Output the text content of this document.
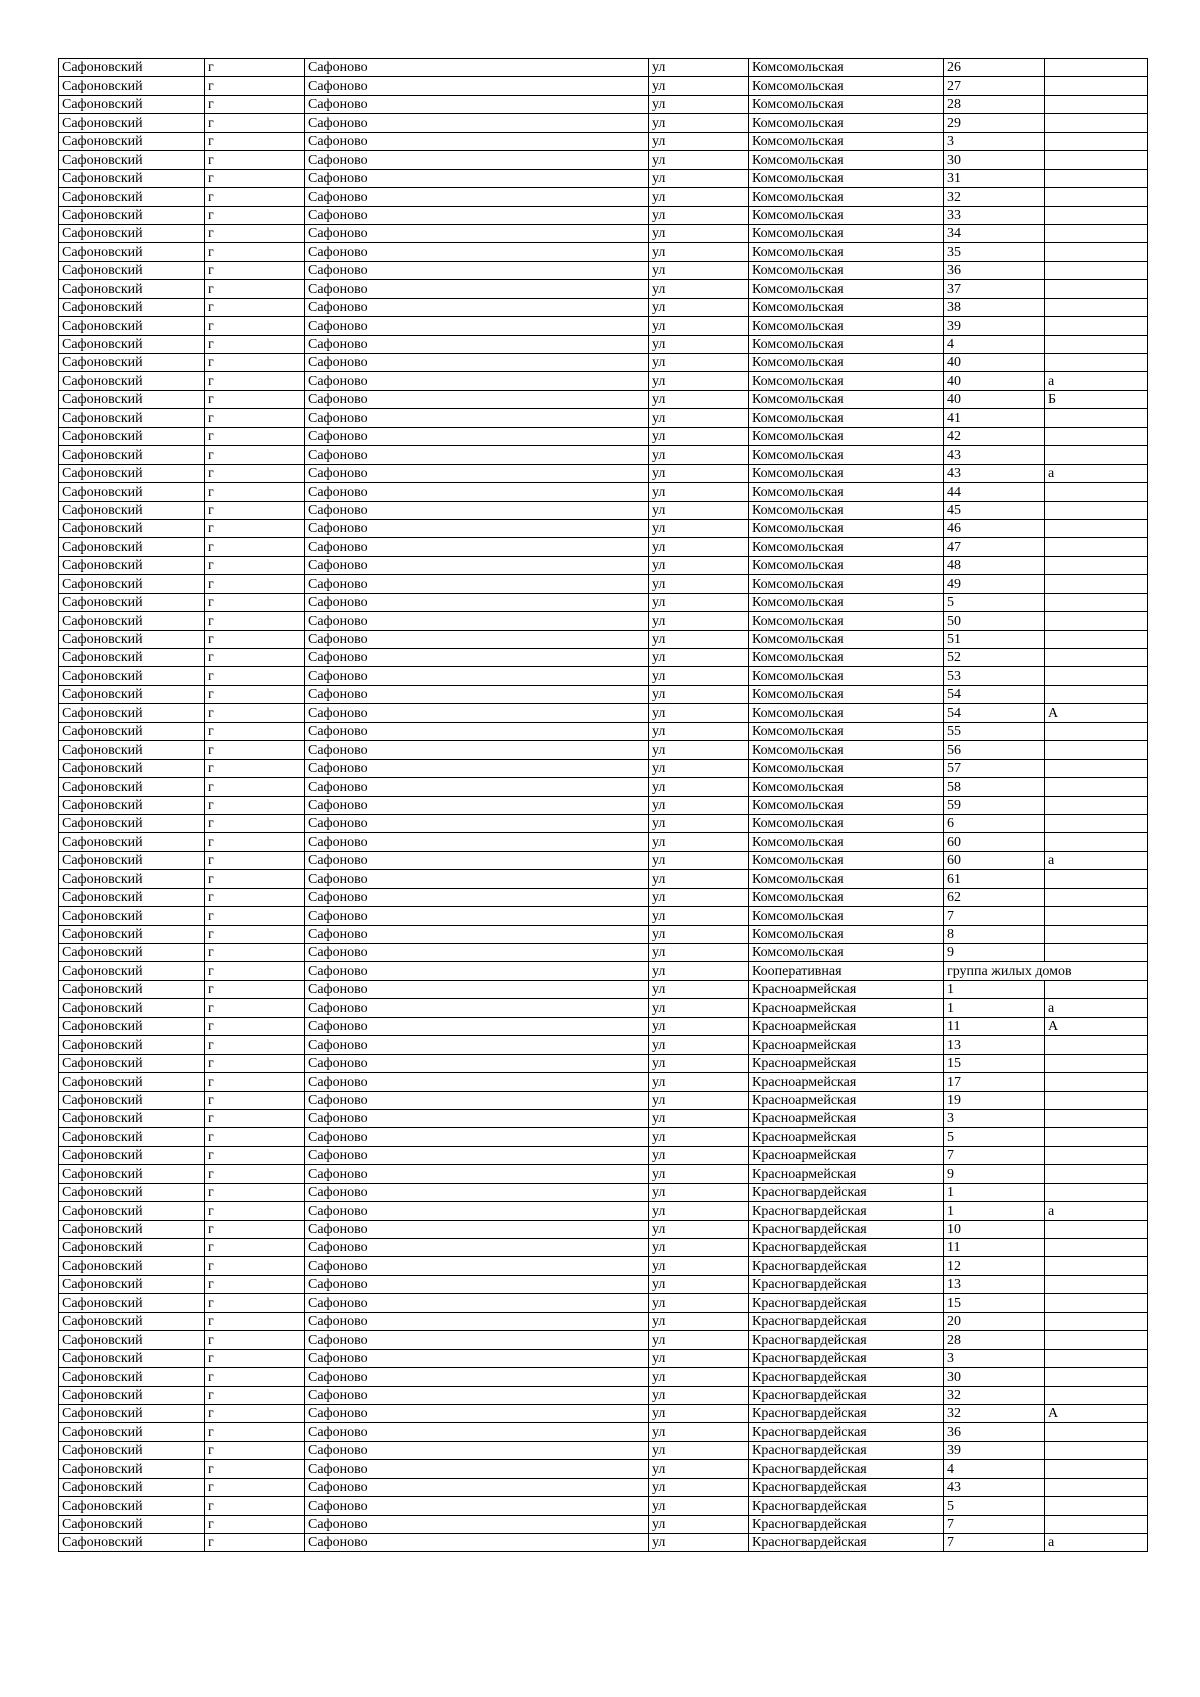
Сафоновский	г	Сафоново	ул	Комсомольская	26	
Сафоновский	г	Сафоново	ул	Комсомольская	27	
Сафоновский	г	Сафоново	ул	Комсомольская	28	
Сафоновский	г	Сафоново	ул	Комсомольская	29	
Сафоновский	г	Сафоново	ул	Комсомольская	3	
Сафоновский	г	Сафоново	ул	Комсомольская	30	
Сафоновский	г	Сафоново	ул	Комсомольская	31	
Сафоновский	г	Сафоново	ул	Комсомольская	32	
Сафоновский	г	Сафоново	ул	Комсомольская	33	
Сафоновский	г	Сафоново	ул	Комсомольская	34	
Сафоновский	г	Сафоново	ул	Комсомольская	35	
Сафоновский	г	Сафоново	ул	Комсомольская	36	
Сафоновский	г	Сафоново	ул	Комсомольская	37	
Сафоновский	г	Сафоново	ул	Комсомольская	38	
Сафоновский	г	Сафоново	ул	Комсомольская	39	
Сафоновский	г	Сафоново	ул	Комсомольская	4	
Сафоновский	г	Сафоново	ул	Комсомольская	40	
Сафоновский	г	Сафоново	ул	Комсомольская	40	а
Сафоновский	г	Сафоново	ул	Комсомольская	40	Б
Сафоновский	г	Сафоново	ул	Комсомольская	41	
Сафоновский	г	Сафоново	ул	Комсомольская	42	
Сафоновский	г	Сафоново	ул	Комсомольская	43	
Сафоновский	г	Сафоново	ул	Комсомольская	43	а
Сафоновский	г	Сафоново	ул	Комсомольская	44	
Сафоновский	г	Сафоново	ул	Комсомольская	45	
Сафоновский	г	Сафоново	ул	Комсомольская	46	
Сафоновский	г	Сафоново	ул	Комсомольская	47	
Сафоновский	г	Сафоново	ул	Комсомольская	48	
Сафоновский	г	Сафоново	ул	Комсомольская	49	
Сафоновский	г	Сафоново	ул	Комсомольская	5	
Сафоновский	г	Сафоново	ул	Комсомольская	50	
Сафоновский	г	Сафоново	ул	Комсомольская	51	
Сафоновский	г	Сафоново	ул	Комсомольская	52	
Сафоновский	г	Сафоново	ул	Комсомольская	53	
Сафоновский	г	Сафоново	ул	Комсомольская	54	
Сафоновский	г	Сафоново	ул	Комсомольская	54	А
Сафоновский	г	Сафоново	ул	Комсомольская	55	
Сафоновский	г	Сафоново	ул	Комсомольская	56	
Сафоновский	г	Сафоново	ул	Комсомольская	57	
Сафоновский	г	Сафоново	ул	Комсомольская	58	
Сафоновский	г	Сафоново	ул	Комсомольская	59	
Сафоновский	г	Сафоново	ул	Комсомольская	6	
Сафоновский	г	Сафоново	ул	Комсомольская	60	
Сафоновский	г	Сафоново	ул	Комсомольская	60	а
Сафоновский	г	Сафоново	ул	Комсомольская	61	
Сафоновский	г	Сафоново	ул	Комсомольская	62	
Сафоновский	г	Сафоново	ул	Комсомольская	7	
Сафоновский	г	Сафоново	ул	Комсомольская	8	
Сафоновский	г	Сафоново	ул	Комсомольская	9	
Сафоновский	г	Сафоново	ул	Кооперативная	группа жилых домов	
Сафоновский	г	Сафоново	ул	Красноармейская	1	
Сафоновский	г	Сафоново	ул	Красноармейская	1	а
Сафоновский	г	Сафоново	ул	Красноармейская	11	А
Сафоновский	г	Сафоново	ул	Красноармейская	13	
Сафоновский	г	Сафоново	ул	Красноармейская	15	
Сафоновский	г	Сафоново	ул	Красноармейская	17	
Сафоновский	г	Сафоново	ул	Красноармейская	19	
Сафоновский	г	Сафоново	ул	Красноармейская	3	
Сафоновский	г	Сафоново	ул	Красноармейская	5	
Сафоновский	г	Сафоново	ул	Красноармейская	7	
Сафоновский	г	Сафоново	ул	Красноармейская	9	
Сафоновский	г	Сафоново	ул	Красногвардейская	1	
Сафоновский	г	Сафоново	ул	Красногвардейская	1	а
Сафоновский	г	Сафоново	ул	Красногвардейская	10	
Сафоновский	г	Сафоново	ул	Красногвардейская	11	
Сафоновский	г	Сафоново	ул	Красногвардейская	12	
Сафоновский	г	Сафоново	ул	Красногвардейская	13	
Сафоновский	г	Сафоново	ул	Красногвардейская	15	
Сафоновский	г	Сафоново	ул	Красногвардейская	20	
Сафоновский	г	Сафоново	ул	Красногвардейская	28	
Сафоновский	г	Сафоново	ул	Красногвардейская	3	
Сафоновский	г	Сафоново	ул	Красногвардейская	30	
Сафоновский	г	Сафоново	ул	Красногвардейская	32	
Сафоновский	г	Сафоново	ул	Красногвардейская	32	А
Сафоновский	г	Сафоново	ул	Красногвардейская	36	
Сафоновский	г	Сафоново	ул	Красногвардейская	39	
Сафоновский	г	Сафоново	ул	Красногвардейская	4	
Сафоновский	г	Сафоново	ул	Красногвардейская	43	
Сафоновский	г	Сафоново	ул	Красногвардейская	5	
Сафоновский	г	Сафоново	ул	Красногвардейская	7	
Сафоновский	г	Сафоново	ул	Красногвардейская	7	а
